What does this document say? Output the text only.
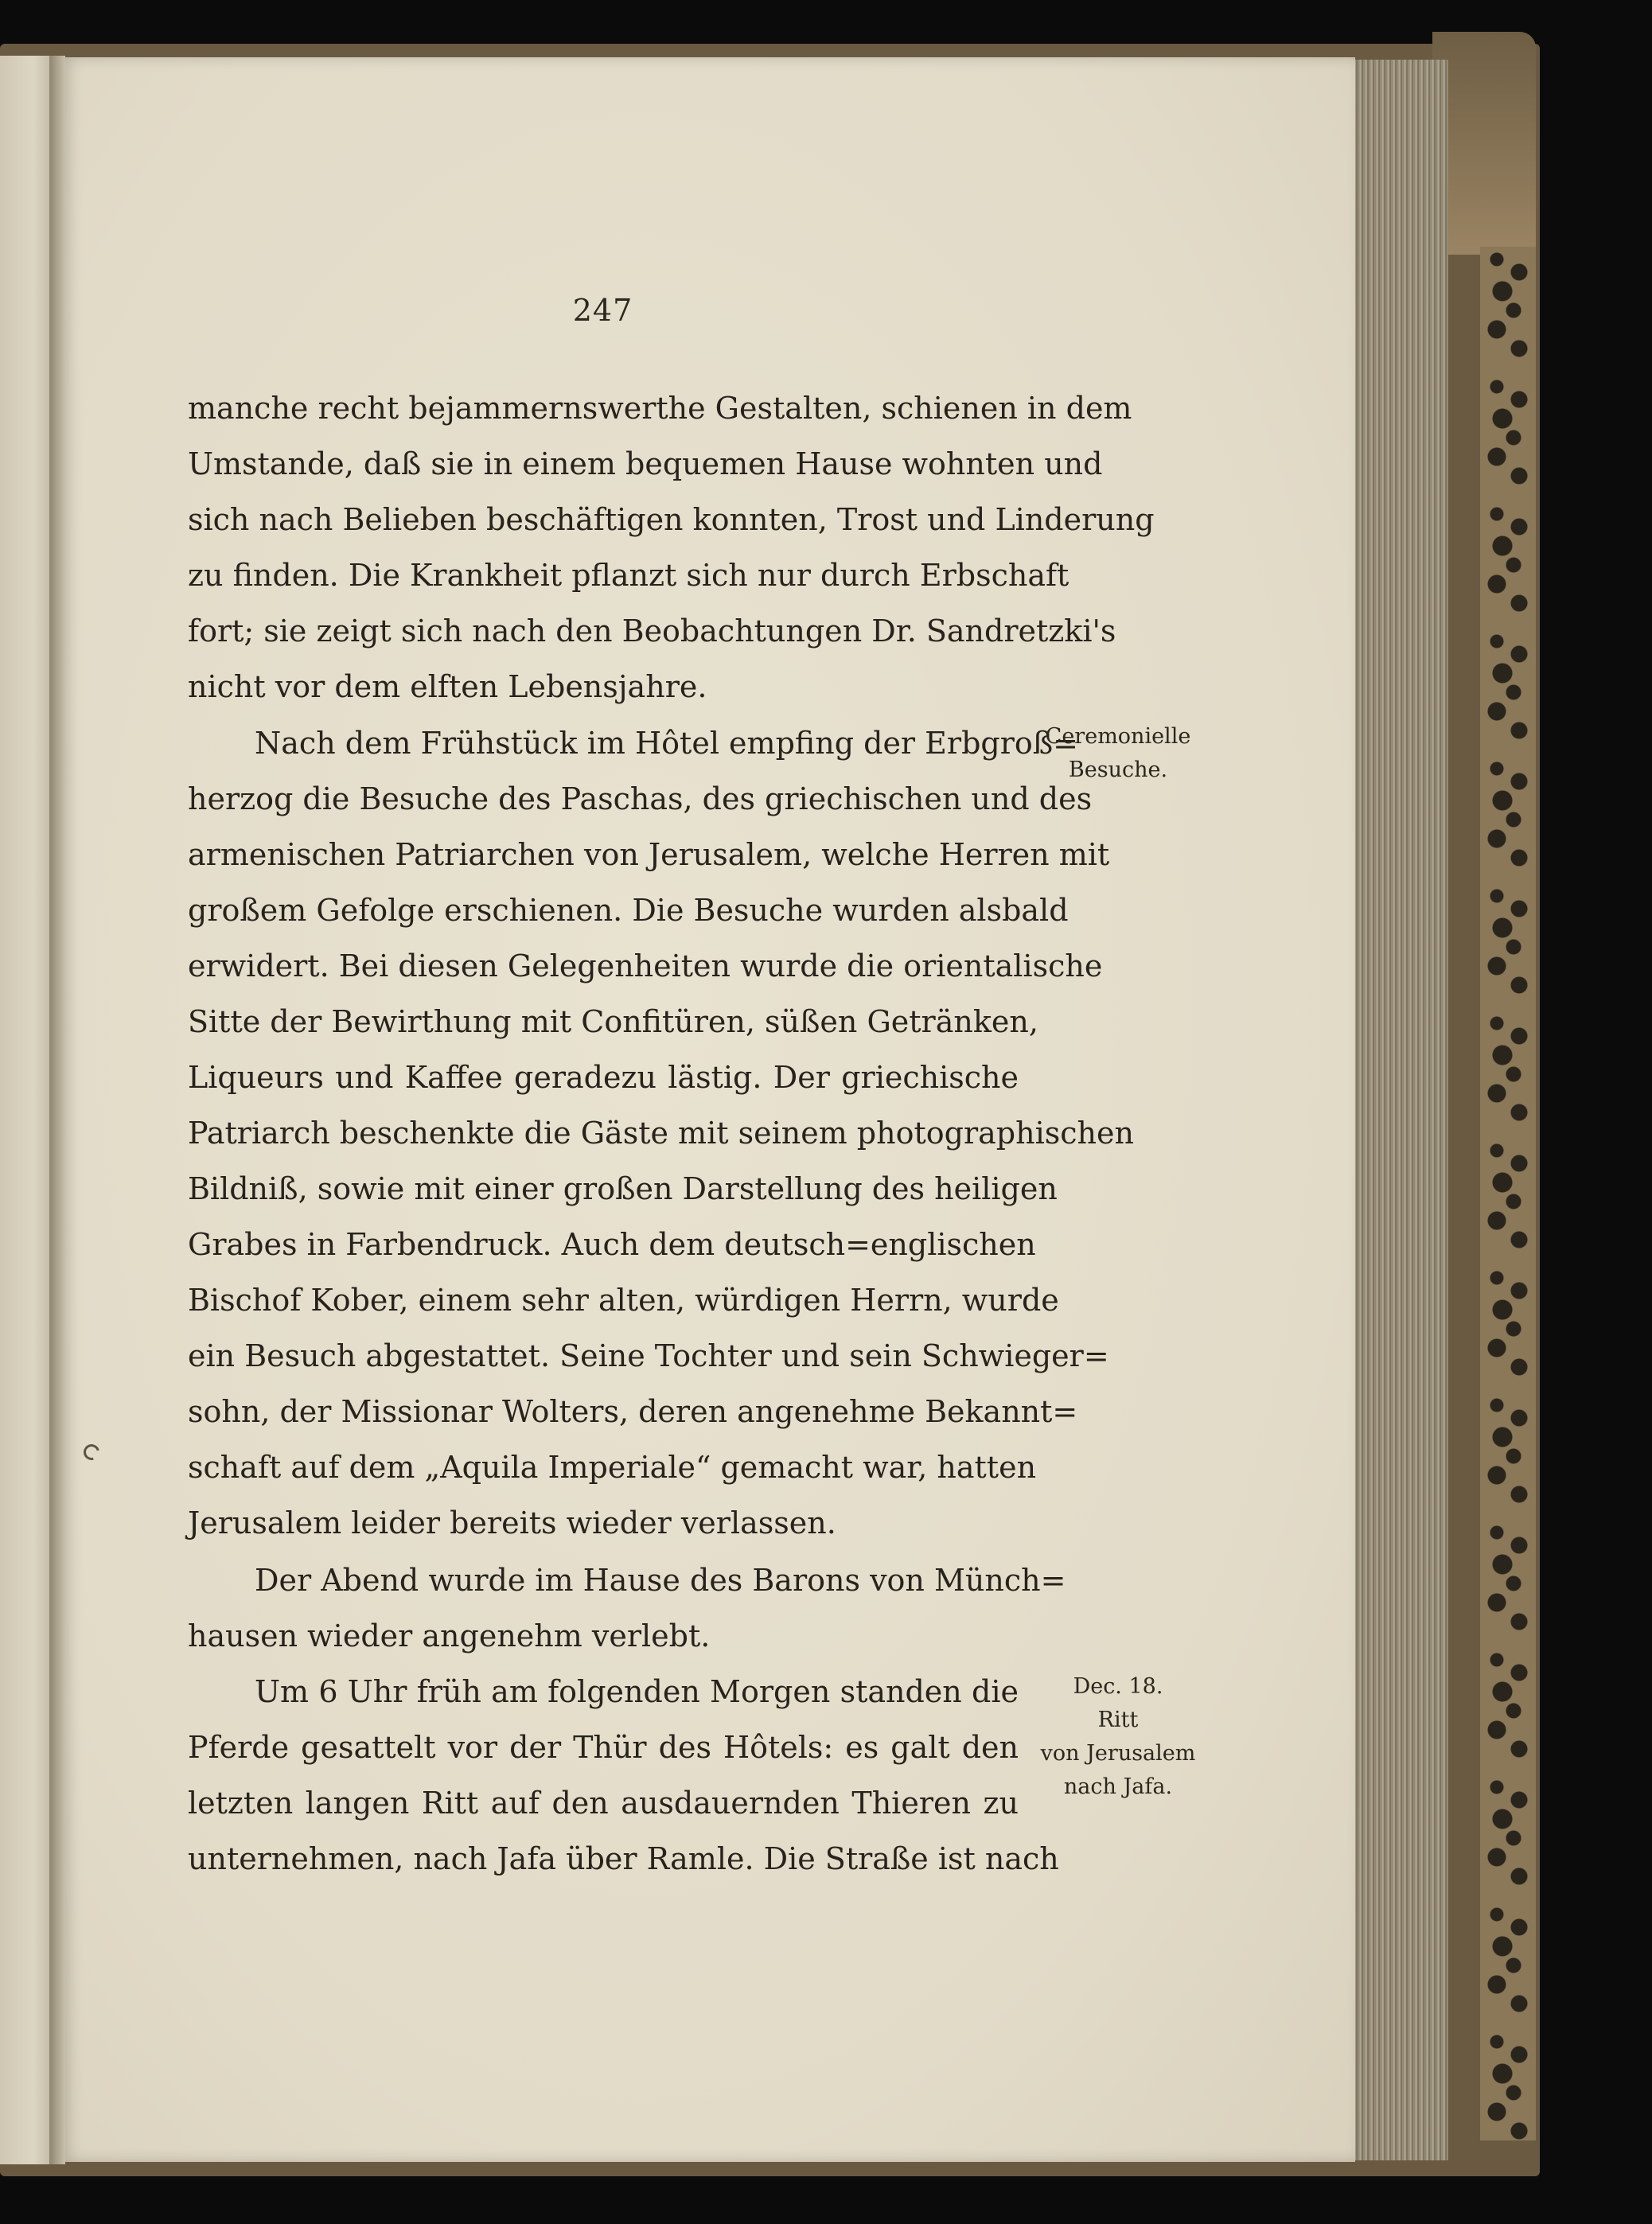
247
manche recht bejammernswerthe Gestalten, schienen in dem
Umstande, daß sie in einem bequemen Hause wohnten und
sich nach Belieben beschäftigen konnten, Trost und Linderung
zu finden. Die Krankheit pflanzt sich nur durch Erbschaft
fort; sie zeigt sich nach den Beobachtungen Dr. Sandretzki's
nicht vor dem elften Lebensjahre.
Nach dem Frühstück im Hôtel empfing der Erbgroß=
herzog die Besuche des Paschas, des griechischen und des
armenischen Patriarchen von Jerusalem, welche Herren mit
großem Gefolge erschienen. Die Besuche wurden alsbald
erwidert. Bei diesen Gelegenheiten wurde die orientalische
Sitte der Bewirthung mit Confitüren, süßen Getränken,
Liqueurs und Kaffee geradezu lästig. Der griechische
Patriarch beschenkte die Gäste mit seinem photographischen
Bildniß, sowie mit einer großen Darstellung des heiligen
Grabes in Farbendruck. Auch dem deutsch=englischen
Bischof Kober, einem sehr alten, würdigen Herrn, wurde
ein Besuch abgestattet. Seine Tochter und sein Schwieger=
sohn, der Missionar Wolters, deren angenehme Bekannt=
schaft auf dem „Aquila Imperiale“ gemacht war, hatten
Jerusalem leider bereits wieder verlassen.
Der Abend wurde im Hause des Barons von Münch=
hausen wieder angenehm verlebt.
Um 6 Uhr früh am folgenden Morgen standen die
Pferde gesattelt vor der Thür des Hôtels: es galt den
letzten langen Ritt auf den ausdauernden Thieren zu
unternehmen, nach Jafa über Ramle. Die Straße ist nach
Ceremonielle
Besuche.
Dec. 18.
Ritt
von Jerusalem
nach Jafa.
